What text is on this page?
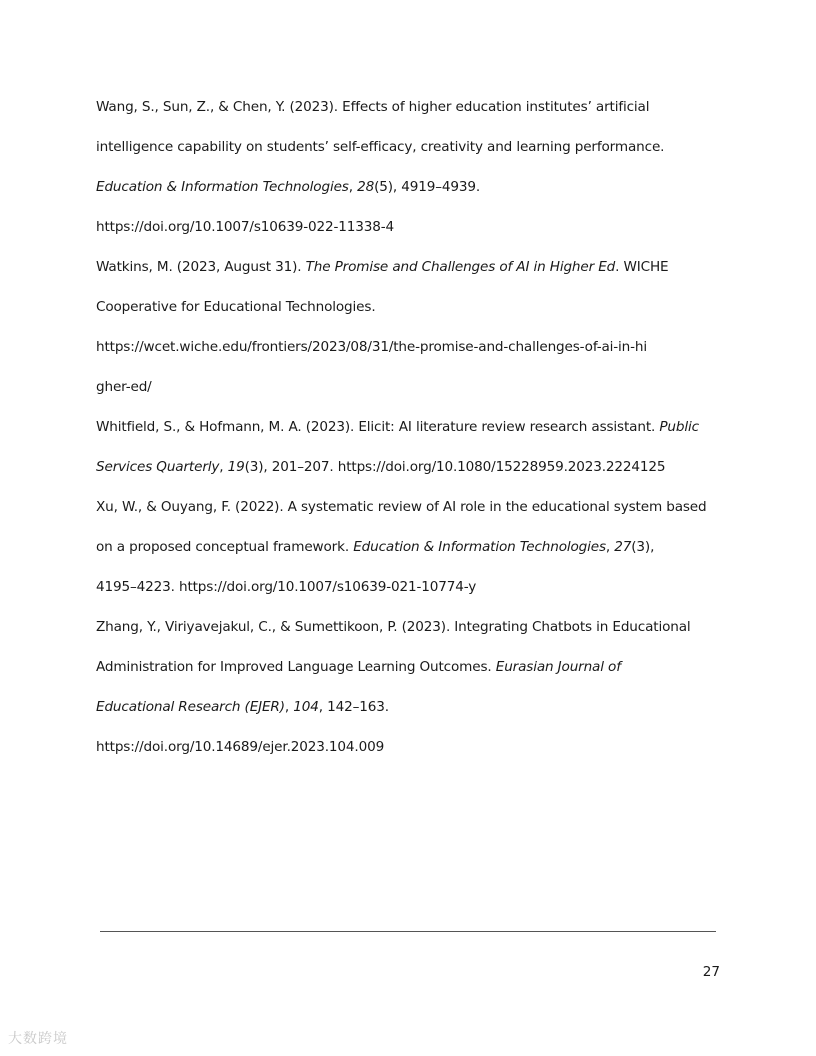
Wang, S., Sun, Z., & Chen, Y. (2023). Effects of higher education institutes’ artificial
intelligence capability on students’ self-efficacy, creativity and learning performance.
Education & Information Technologies, 28(5), 4919–4939.
https://doi.org/10.1007/s10639-022-11338-4

Watkins, M. (2023, August 31). The Promise and Challenges of AI in Higher Ed. WICHE
Cooperative for Educational Technologies.
https://wcet.wiche.edu/frontiers/2023/08/31/the-promise-and-challenges-of-ai-in-hi
gher-ed/

Whitfield, S., & Hofmann, M. A. (2023). Elicit: AI literature review research assistant. Public
Services Quarterly, 19(3), 201–207. https://doi.org/10.1080/15228959.2023.2224125

Xu, W., & Ouyang, F. (2022). A systematic review of AI role in the educational system based
on a proposed conceptual framework. Education & Information Technologies, 27(3),
4195–4223. https://doi.org/10.1007/s10639-021-10774-y

Zhang, Y., Viriyavejakul, C., & Sumettikoon, P. (2023). Integrating Chatbots in Educational
Administration for Improved Language Learning Outcomes. Eurasian Journal of
Educational Research (EJER), 104, 142–163.
https://doi.org/10.14689/ejer.2023.104.009

27
大数跨境
